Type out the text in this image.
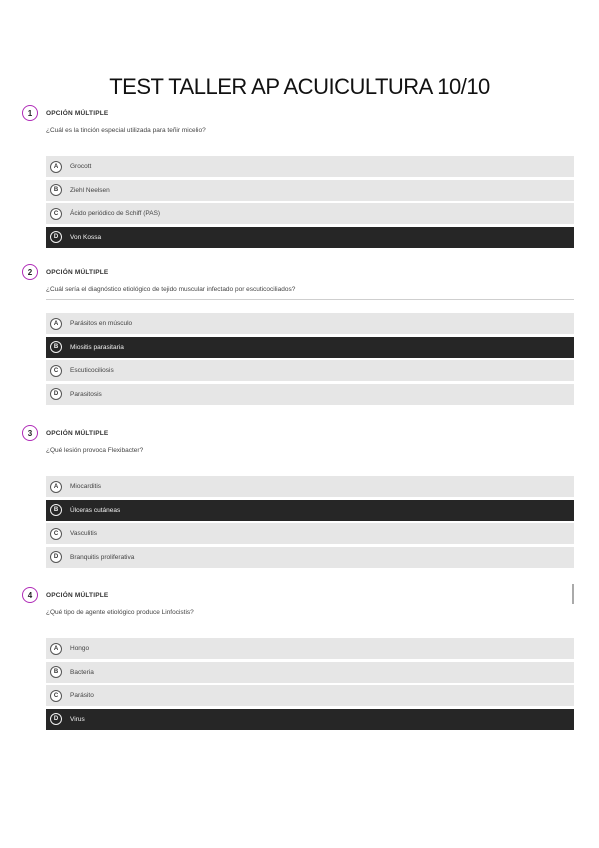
TEST TALLER AP ACUICULTURA 10/10
1	OPCIÓN MÚLTIPLE
¿Cuál es la tinción especial utilizada para teñir micelio?
A	Grocott
B	Ziehl Neelsen
C	Ácido periódico de Schiff (PAS)
D	Von Kossa
2	OPCIÓN MÚLTIPLE
¿Cuál sería el diagnóstico etiológico de tejido muscular infectado por escuticociliados?
A	Parásitos en músculo
B	Miositis parasitaria
C	Escuticociliosis
D	Parasitosis
3	OPCIÓN MÚLTIPLE
¿Qué lesión provoca Flexibacter?
A	Miocarditis
B	Úlceras cutáneas
C	Vasculitis
D	Branquitis proliferativa
4	OPCIÓN MÚLTIPLE
¿Qué tipo de agente etiológico produce Linfocistis?
A	Hongo
B	Bacteria
C	Parásito
D	Virus
